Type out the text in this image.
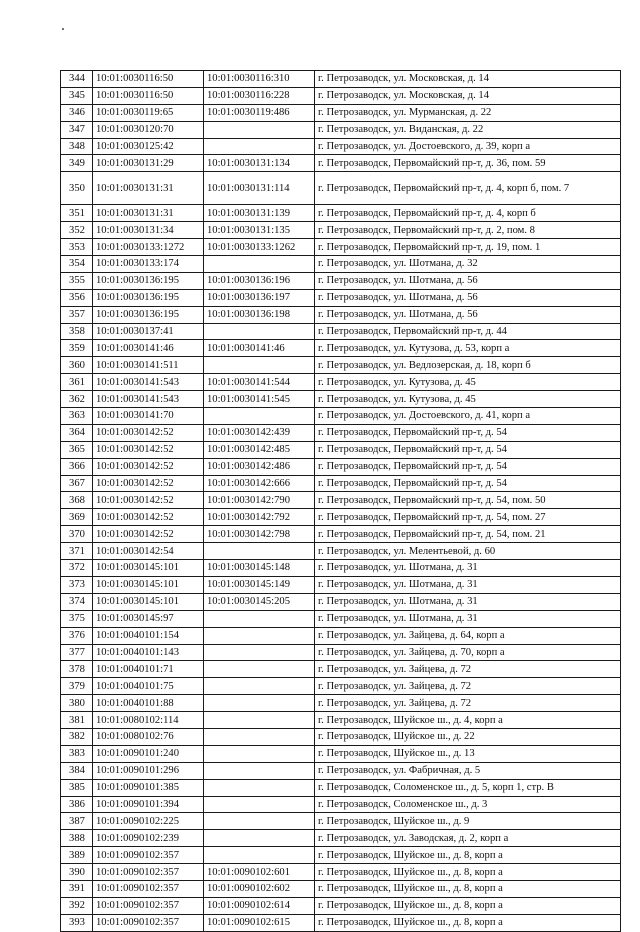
344	10:01:0030116:50	10:01:0030116:310	г. Петрозаводск, ул. Московская, д. 14
345	10:01:0030116:50	10:01:0030116:228	г. Петрозаводск, ул. Московская, д. 14
346	10:01:0030119:65	10:01:0030119:486	г. Петрозаводск, ул. Мурманская, д. 22
347	10:01:0030120:70		г. Петрозаводск, ул. Виданская, д. 22
348	10:01:0030125:42		г. Петрозаводск, ул. Достоевского, д. 39, корп а
349	10:01:0030131:29	10:01:0030131:134	г. Петрозаводск, Первомайский пр-т, д. 36, пом. 59
350	10:01:0030131:31	10:01:0030131:114	г. Петрозаводск, Первомайский пр-т, д. 4, корп б, пом. 7
351	10:01:0030131:31	10:01:0030131:139	г. Петрозаводск, Первомайский пр-т, д. 4, корп б
352	10:01:0030131:34	10:01:0030131:135	г. Петрозаводск, Первомайский пр-т, д. 2, пом. 8
353	10:01:0030133:1272	10:01:0030133:1262	г. Петрозаводск, Первомайский пр-т, д. 19, пом. 1
354	10:01:0030133:174		г. Петрозаводск, ул. Шотмана, д. 32
355	10:01:0030136:195	10:01:0030136:196	г. Петрозаводск, ул. Шотмана, д. 56
356	10:01:0030136:195	10:01:0030136:197	г. Петрозаводск, ул. Шотмана, д. 56
357	10:01:0030136:195	10:01:0030136:198	г. Петрозаводск, ул. Шотмана, д. 56
358	10:01:0030137:41		г. Петрозаводск, Первомайский пр-т, д. 44
359	10:01:0030141:46	10:01:0030141:46	г. Петрозаводск, ул. Кутузова, д. 53, корп а
360	10:01:0030141:511		г. Петрозаводск, ул. Ведлозерская, д. 18, корп б
361	10:01:0030141:543	10:01:0030141:544	г. Петрозаводск, ул. Кутузова, д. 45
362	10:01:0030141:543	10:01:0030141:545	г. Петрозаводск, ул. Кутузова, д. 45
363	10:01:0030141:70		г. Петрозаводск, ул. Достоевского, д. 41, корп а
364	10:01:0030142:52	10:01:0030142:439	г. Петрозаводск, Первомайский пр-т, д. 54
365	10:01:0030142:52	10:01:0030142:485	г. Петрозаводск, Первомайский пр-т, д. 54
366	10:01:0030142:52	10:01:0030142:486	г. Петрозаводск, Первомайский пр-т, д. 54
367	10:01:0030142:52	10:01:0030142:666	г. Петрозаводск, Первомайский пр-т, д. 54
368	10:01:0030142:52	10:01:0030142:790	г. Петрозаводск, Первомайский пр-т, д. 54, пом. 50
369	10:01:0030142:52	10:01:0030142:792	г. Петрозаводск, Первомайский пр-т, д. 54, пом. 27
370	10:01:0030142:52	10:01:0030142:798	г. Петрозаводск, Первомайский пр-т, д. 54, пом. 21
371	10:01:0030142:54		г. Петрозаводск, ул. Мелентьевой, д. 60
372	10:01:0030145:101	10:01:0030145:148	г. Петрозаводск, ул. Шотмана, д. 31
373	10:01:0030145:101	10:01:0030145:149	г. Петрозаводск, ул. Шотмана, д. 31
374	10:01:0030145:101	10:01:0030145:205	г. Петрозаводск, ул. Шотмана, д. 31
375	10:01:0030145:97		г. Петрозаводск, ул. Шотмана, д. 31
376	10:01:0040101:154		г. Петрозаводск, ул. Зайцева, д. 64, корп а
377	10:01:0040101:143		г. Петрозаводск, ул. Зайцева, д. 70, корп а
378	10:01:0040101:71		г. Петрозаводск, ул. Зайцева, д. 72
379	10:01:0040101:75		г. Петрозаводск, ул. Зайцева, д. 72
380	10:01:0040101:88		г. Петрозаводск, ул. Зайцева, д. 72
381	10:01:0080102:114		г. Петрозаводск, Шуйское ш., д. 4, корп а
382	10:01:0080102:76		г. Петрозаводск, Шуйское ш., д. 22
383	10:01:0090101:240		г. Петрозаводск, Шуйское ш., д. 13
384	10:01:0090101:296		г. Петрозаводск, ул. Фабричная, д. 5
385	10:01:0090101:385		г. Петрозаводск, Соломенское ш., д. 5, корп 1, стр. В
386	10:01:0090101:394		г. Петрозаводск, Соломенское ш., д. 3
387	10:01:0090102:225		г. Петрозаводск, Шуйское ш., д. 9
388	10:01:0090102:239		г. Петрозаводск, ул. Заводская, д. 2, корп а
389	10:01:0090102:357		г. Петрозаводск, Шуйское ш., д. 8, корп а
390	10:01:0090102:357	10:01:0090102:601	г. Петрозаводск, Шуйское ш., д. 8, корп а
391	10:01:0090102:357	10:01:0090102:602	г. Петрозаводск, Шуйское ш., д. 8, корп а
392	10:01:0090102:357	10:01:0090102:614	г. Петрозаводск, Шуйское ш., д. 8, корп а
393	10:01:0090102:357	10:01:0090102:615	г. Петрозаводск, Шуйское ш., д. 8, корп а
